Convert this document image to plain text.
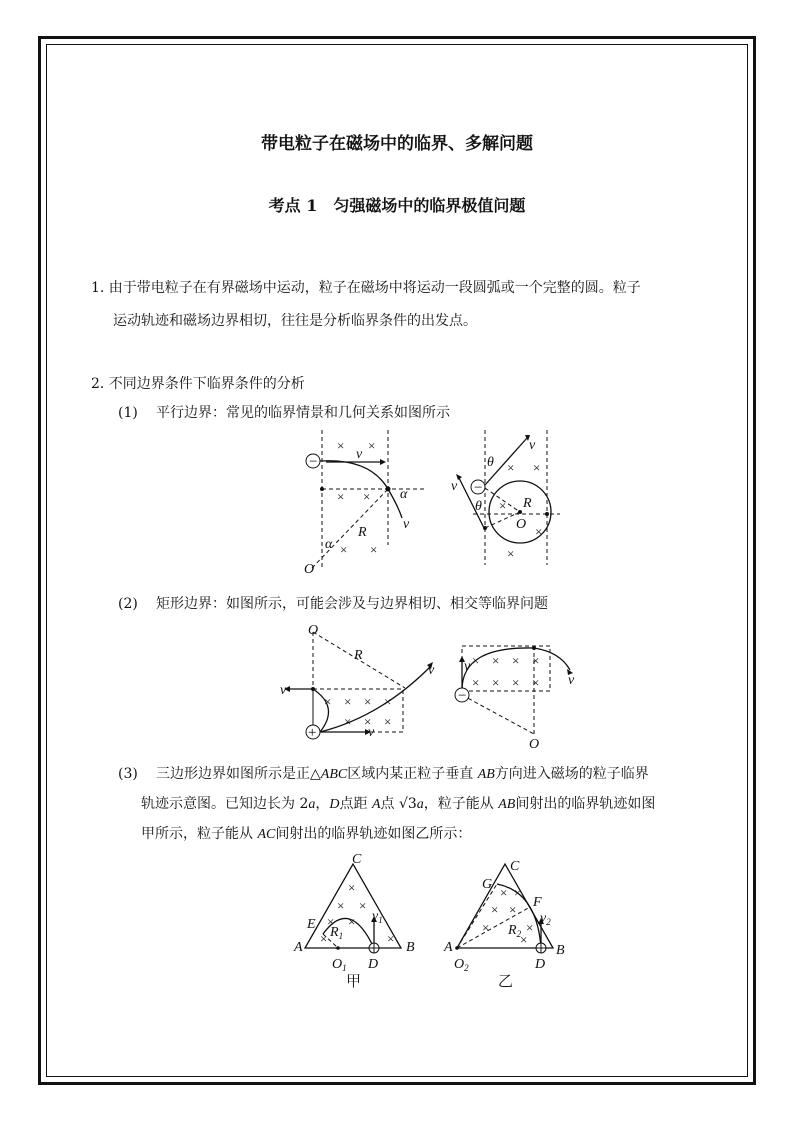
带电粒子在磁场中的临界、多解问题
考点 1　匀强磁场中的临界极值问题
1. 由于带电粒子在有界磁场中运动，粒子在磁场中将运动一段圆弧或一个完整的圆。粒子
运动轨迹和磁场边界相切，往往是分析临界条件的出发点。
2. 不同边界条件下临界条件的分析
(1) 平行边界：常见的临界情景和几何关系如图所示
−	v
v
α
α
R
O
× ×
× ×
× ×
−
v
v
θ
θ	R
O
× ×
×
×
×
(2) 矩形边界：如图所示，可能会涉及与边界相切、相交等临界问题
+
O
R
v
v
v
× × × ×
× × ×
−
v
v
O
× × × ×
× × × ×
(3) 三边形边界如图所示是正△ABC区域内某正粒子垂直 AB方向进入磁场的粒子临界
轨迹示意图。已知边长为 2a，D点距 A点 √3a，粒子能从 AB间射出的临界轨迹如图
甲所示，粒子能从 AC间射出的临界轨迹如图乙所示：
C
A	B
E
D
$O_1$
$R_1$
$v_1$
甲
×
× ×
× ×
×	×
C
A	B
G
F
D
$O_2$
$R_2$
$v_2$
乙
× ×
× ×
×	×
×
